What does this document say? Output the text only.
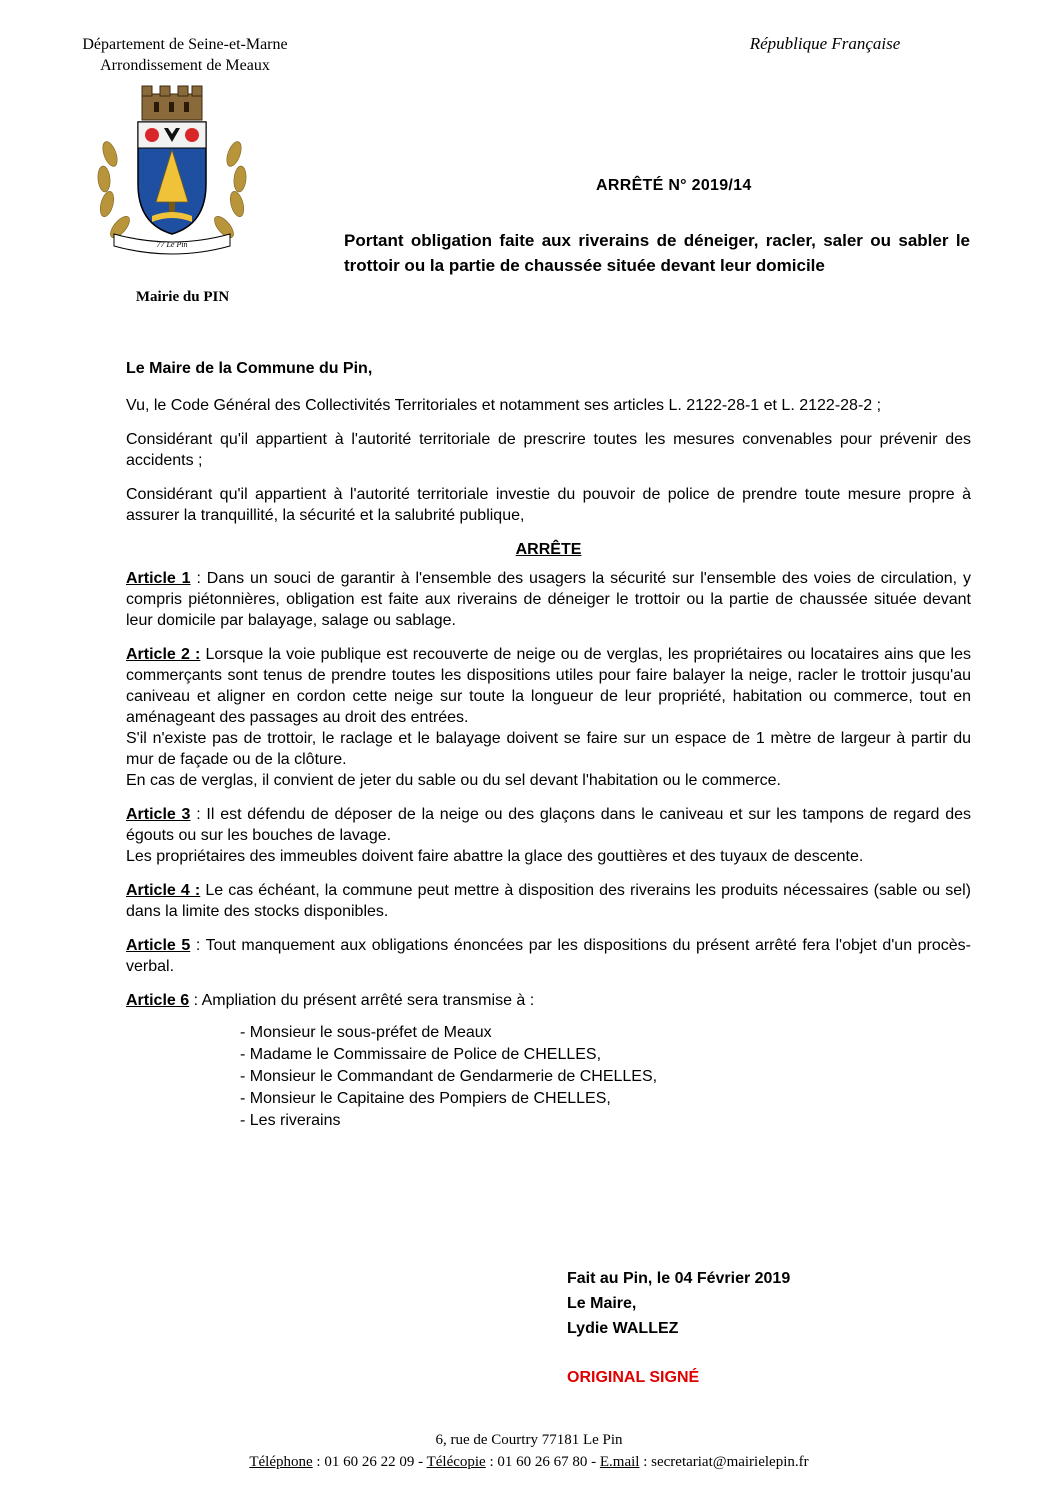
Département de Seine-et-Marne
Arrondissement de Meaux
République Française
77 Le Pin
Mairie du PIN
ARRÊTÉ N° 2019/14
Portant obligation faite aux riverains de déneiger, racler, saler ou sabler le trottoir ou la partie de chaussée située devant leur domicile

Le Maire de la Commune du Pin,

Vu, le Code Général des Collectivités Territoriales et notamment ses articles L. 2122-28-1 et L. 2122-28-2 ;

Considérant qu'il appartient à l'autorité territoriale de prescrire toutes les mesures convenables pour prévenir des accidents ;

Considérant qu'il appartient à l'autorité territoriale investie du pouvoir de police de prendre toute mesure propre à assurer la tranquillité, la sécurité et la salubrité publique,

ARRÊTE

Article 1 : Dans un souci de garantir à l'ensemble des usagers la sécurité sur l'ensemble des voies de circulation, y compris piétonnières, obligation est faite aux riverains de déneiger le trottoir ou la partie de chaussée située devant leur domicile par balayage, salage ou sablage.

Article 2 : Lorsque la voie publique est recouverte de neige ou de verglas, les propriétaires ou locataires ains que les commerçants sont tenus de prendre toutes les dispositions utiles pour faire balayer la neige, racler le trottoir jusqu'au caniveau et aligner en cordon cette neige sur toute la longueur de leur propriété, habitation ou commerce, tout en aménageant des passages au droit des entrées.
S'il n'existe pas de trottoir, le raclage et le balayage doivent se faire sur un espace de 1 mètre de largeur à partir du mur de façade ou de la clôture.
En cas de verglas, il convient de jeter du sable ou du sel devant l'habitation ou le commerce.

Article 3 : Il est défendu de déposer de la neige ou des glaçons dans le caniveau et sur les tampons de regard des égouts ou sur les bouches de lavage.
Les propriétaires des immeubles doivent faire abattre la glace des gouttières et des tuyaux de descente.

Article 4 : Le cas échéant, la commune peut mettre à disposition des riverains les produits nécessaires (sable ou sel) dans la limite des stocks disponibles.

Article 5 : Tout manquement aux obligations énoncées par les dispositions du présent arrêté fera l'objet d'un procès-verbal.

Article 6 : Ampliation du présent arrêté sera transmise à :

- Monsieur le sous-préfet de Meaux
- Madame le Commissaire de Police de CHELLES,
- Monsieur le Commandant de Gendarmerie de CHELLES,
- Monsieur le Capitaine des Pompiers de CHELLES,
- Les riverains
Fait au Pin, le 04 Février 2019
Le Maire,
Lydie WALLEZ
ORIGINAL SIGNÉ
6, rue de Courtry 77181 Le Pin
Téléphone : 01 60 26 22 09 - Télécopie : 01 60 26 67 80 - E.mail : secretariat@mairielepin.fr
